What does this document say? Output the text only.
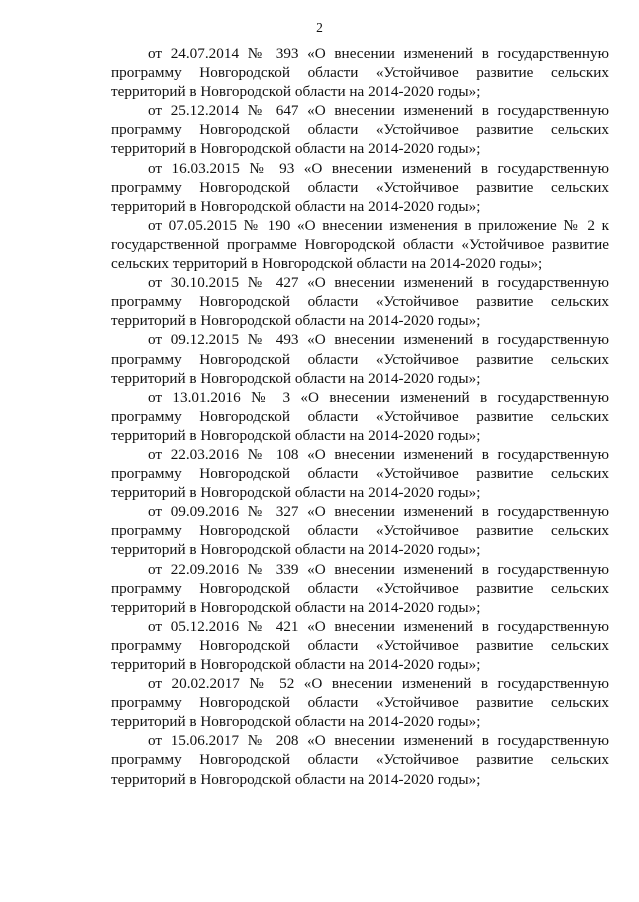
2

от 24.07.2014 № 393 «О внесении изменений в государственную программу Новгородской области «Устойчивое развитие сельских территорий в Новгородской области на 2014-2020 годы»;

от 25.12.2014 № 647 «О внесении изменений в государственную программу Новгородской области «Устойчивое развитие сельских территорий в Новгородской области на 2014-2020 годы»;

от 16.03.2015 № 93 «О внесении изменений в государственную программу Новгородской области «Устойчивое развитие сельских территорий в Новгородской области на 2014-2020 годы»;

от 07.05.2015 № 190 «О внесении изменения в приложение № 2 к государственной программе Новгородской области «Устойчивое развитие сельских территорий в Новгородской области на 2014-2020 годы»;

от 30.10.2015 № 427 «О внесении изменений в государственную программу Новгородской области «Устойчивое развитие сельских территорий в Новгородской области на 2014-2020 годы»;

от 09.12.2015 № 493 «О внесении изменений в государственную программу Новгородской области «Устойчивое развитие сельских территорий в Новгородской области на 2014-2020 годы»;

от 13.01.2016 № 3 «О внесении изменений в государственную программу Новгородской области «Устойчивое развитие сельских территорий в Новгородской области на 2014-2020 годы»;

от 22.03.2016 № 108 «О внесении изменений в государственную программу Новгородской области «Устойчивое развитие сельских территорий в Новгородской области на 2014-2020 годы»;

от 09.09.2016 № 327 «О внесении изменений в государственную программу Новгородской области «Устойчивое развитие сельских территорий в Новгородской области на 2014-2020 годы»;

от 22.09.2016 № 339 «О внесении изменений в государственную программу Новгородской области «Устойчивое развитие сельских территорий в Новгородской области на 2014-2020 годы»;

от 05.12.2016 № 421 «О внесении изменений в государственную программу Новгородской области «Устойчивое развитие сельских территорий в Новгородской области на 2014-2020 годы»;

от 20.02.2017 № 52 «О внесении изменений в государственную программу Новгородской области «Устойчивое развитие сельских территорий в Новгородской области на 2014-2020 годы»;

от 15.06.2017 № 208 «О внесении изменений в государственную программу Новгородской области «Устойчивое развитие сельских территорий в Новгородской области на 2014-2020 годы»;
